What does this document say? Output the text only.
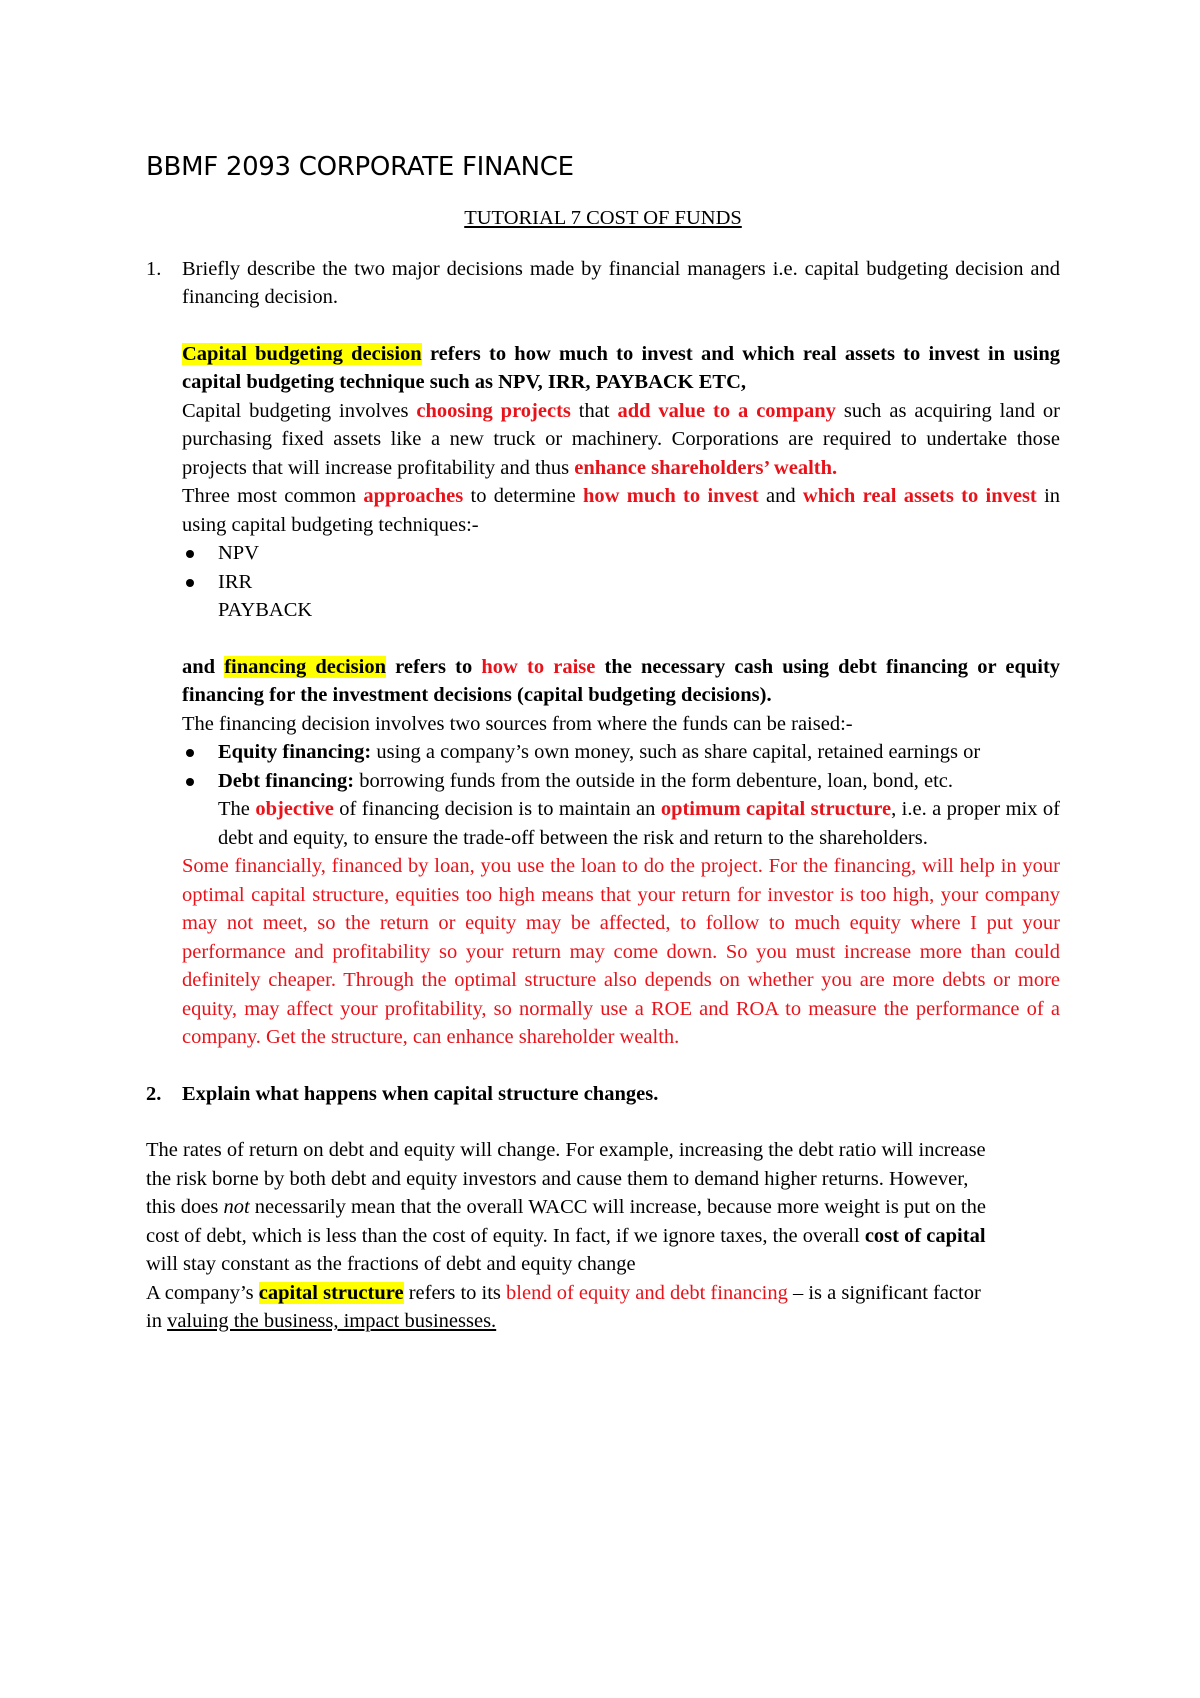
BBMF 2093 CORPORATE FINANCE

TUTORIAL 7 COST OF FUNDS

1.	Briefly describe the two major decisions made by financial managers i.e. capital budgeting decision and financing decision.

Capital budgeting decision refers to how much to invest and which real assets to invest in using capital budgeting technique such as NPV, IRR, PAYBACK ETC,

Capital budgeting involves choosing projects that add value to a company such as acquiring land or purchasing fixed assets like a new truck or machinery. Corporations are required to undertake those projects that will increase profitability and thus enhance shareholders’ wealth.

Three most common approaches to determine how much to invest and which real assets to invest in using capital budgeting techniques:-

NPV
IRR

PAYBACK

and financing decision refers to how to raise the necessary cash using debt financing or equity financing for the investment decisions (capital budgeting decisions).

The financing decision involves two sources from where the funds can be raised:-

Equity financing: using a company’s own money, such as share capital, retained earnings or
Debt financing: borrowing funds from the outside in the form debenture, loan, bond, etc.

The objective of financing decision is to maintain an optimum capital structure, i.e. a proper mix of debt and equity, to ensure the trade-off between the risk and return to the shareholders.

Some financially, financed by loan, you use the loan to do the project. For the financing, will help in your optimal capital structure, equities too high means that your return for investor is too high, your company may not meet, so the return or equity may be affected, to follow to much equity where I put your performance and profitability so your return may come down. So you must increase more than could definitely cheaper. Through the optimal structure also depends on whether you are more debts or more equity, may affect your profitability, so normally use a ROE and ROA to measure the performance of a company. Get the structure, can enhance shareholder wealth.

2.	Explain what happens when capital structure changes.

The rates of return on debt and equity will change. For example, increasing the debt ratio will increase the risk borne by both debt and equity investors and cause them to demand higher returns. However, this does not necessarily mean that the overall WACC will increase, because more weight is put on the cost of debt, which is less than the cost of equity. In fact, if we ignore taxes, the overall cost of capital will stay constant as the fractions of debt and equity change

A company’s capital structure refers to its blend of equity and debt financing – is a significant factor in valuing the business, impact businesses.
